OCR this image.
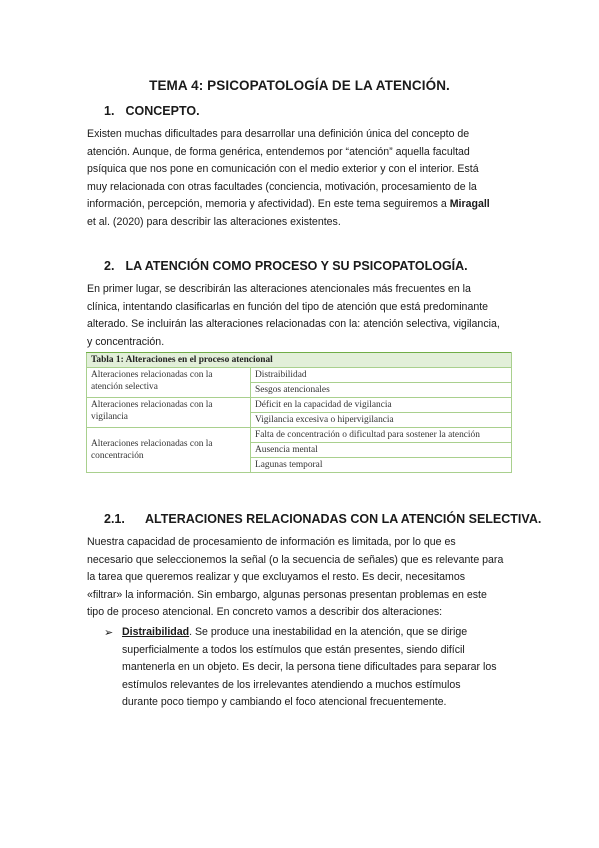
TEMA 4: PSICOPATOLOGÍA DE LA ATENCIÓN.
1. CONCEPTO.
Existen muchas dificultades para desarrollar una definición única del concepto de
atención. Aunque, de forma genérica, entendemos por “atención” aquella facultad
psíquica que nos pone en comunicación con el medio exterior y con el interior. Está
muy relacionada con otras facultades (conciencia, motivación, procesamiento de la
información, percepción, memoria y afectividad). En este tema seguiremos a Miragall
et al. (2020) para describir las alteraciones existentes.
2. LA ATENCIÓN COMO PROCESO Y SU PSICOPATOLOGÍA.
En primer lugar, se describirán las alteraciones atencionales más frecuentes en la
clínica, intentando clasificarlas en función del tipo de atención que está predominante
alterado. Se incluirán las alteraciones relacionadas con la: atención selectiva, vigilancia,
y concentración.
Tabla 1: Alteraciones en el proceso atencional	

Alteraciones relacionadas con la
atención selectiva	Distraibilidad
	Sesgos atencionales

Alteraciones relacionadas con la
vigilancia	Déficit en la capacidad de vigilancia
	Vigilancia excesiva o hipervigilancia

Alteraciones relacionadas con la
concentración	Falta de concentración o dificultad para sostener la atención
	Ausencia mental
	Lagunas temporal
2.1. ALTERACIONES RELACIONADAS CON LA ATENCIÓN SELECTIVA.
Nuestra capacidad de procesamiento de información es limitada, por lo que es
necesario que seleccionemos la señal (o la secuencia de señales) que es relevante para
la tarea que queremos realizar y que excluyamos el resto. Es decir, necesitamos
«filtrar» la información. Sin embargo, algunas personas presentan problemas en este
tipo de proceso atencional. En concreto vamos a describir dos alteraciones:
➢ Distraibilidad. Se produce una inestabilidad en la atención, que se dirige
superficialmente a todos los estímulos que están presentes, siendo difícil
mantenerla en un objeto. Es decir, la persona tiene dificultades para separar los
estímulos relevantes de los irrelevantes atendiendo a muchos estímulos
durante poco tiempo y cambiando el foco atencional frecuentemente.
